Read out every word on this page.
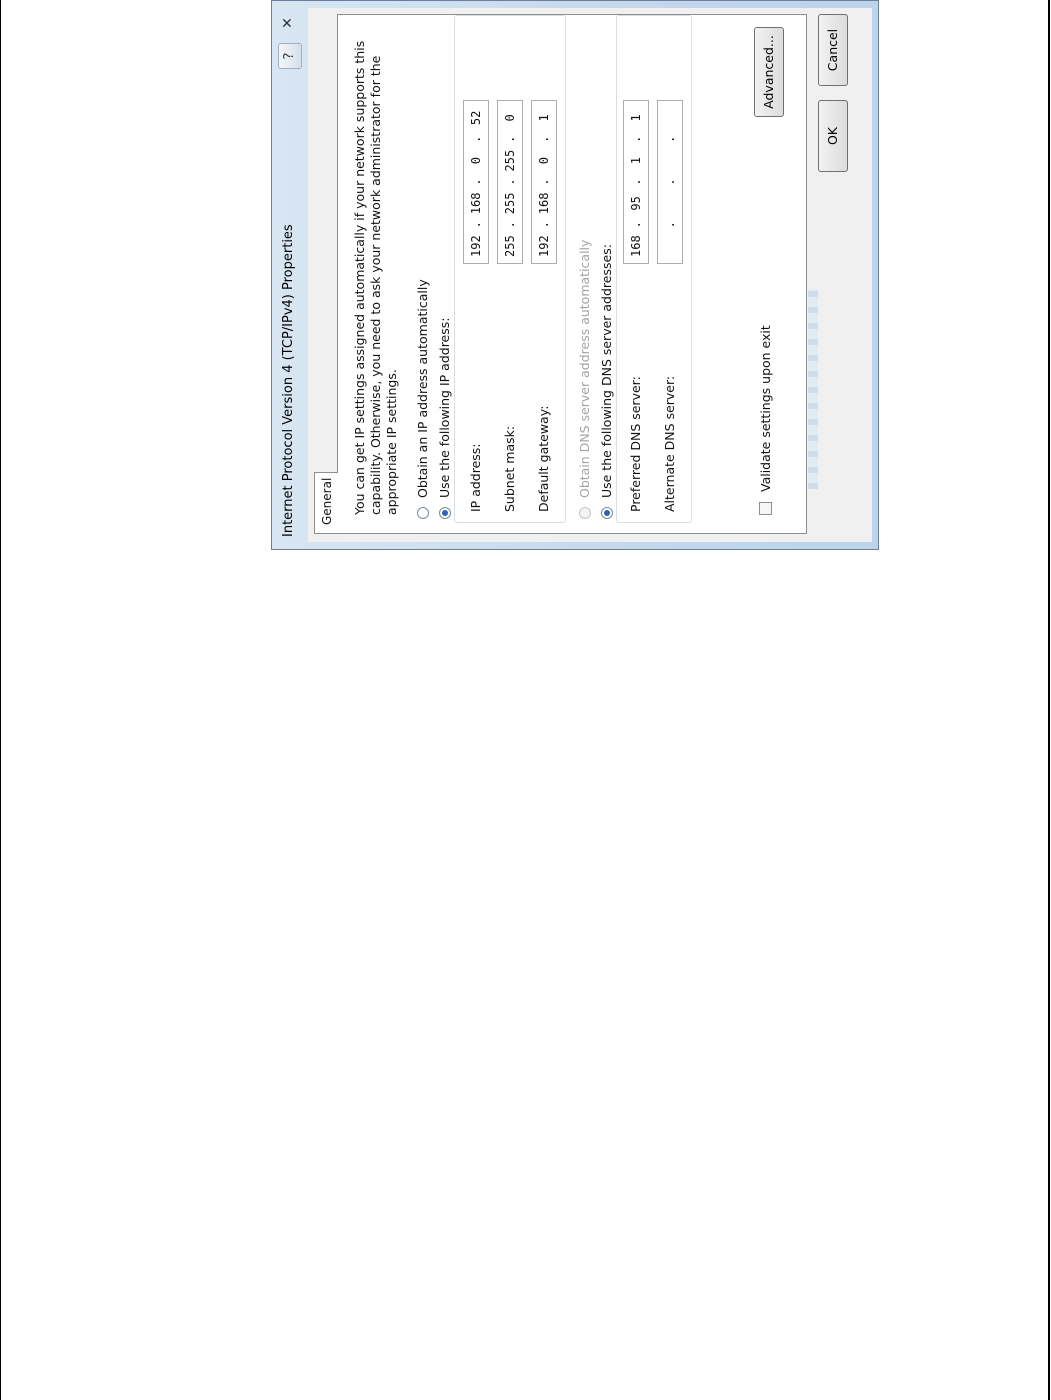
Internet Protocol Version 4 (TCP/IPv4) Properties
?
✕
General	You can get IP settings assigned automatically if your network supports this capability. Otherwise, you need to ask your network administrator for the appropriate IP settings. Obtain an IP address automatically Use the following IP address: IP address:
192
.
168
.
0
.
52
Subnet mask:
255
.
255
.
255
.
0
Default gateway:
192
.
168
.
0
.
1
Obtain DNS server address automatically Use the following DNS server addresses: Preferred DNS server:
168
.
95
.
1
.
1
Alternate DNS server:
.
.
.
Validate settings upon exit
Advanced...
OK
Cancel
